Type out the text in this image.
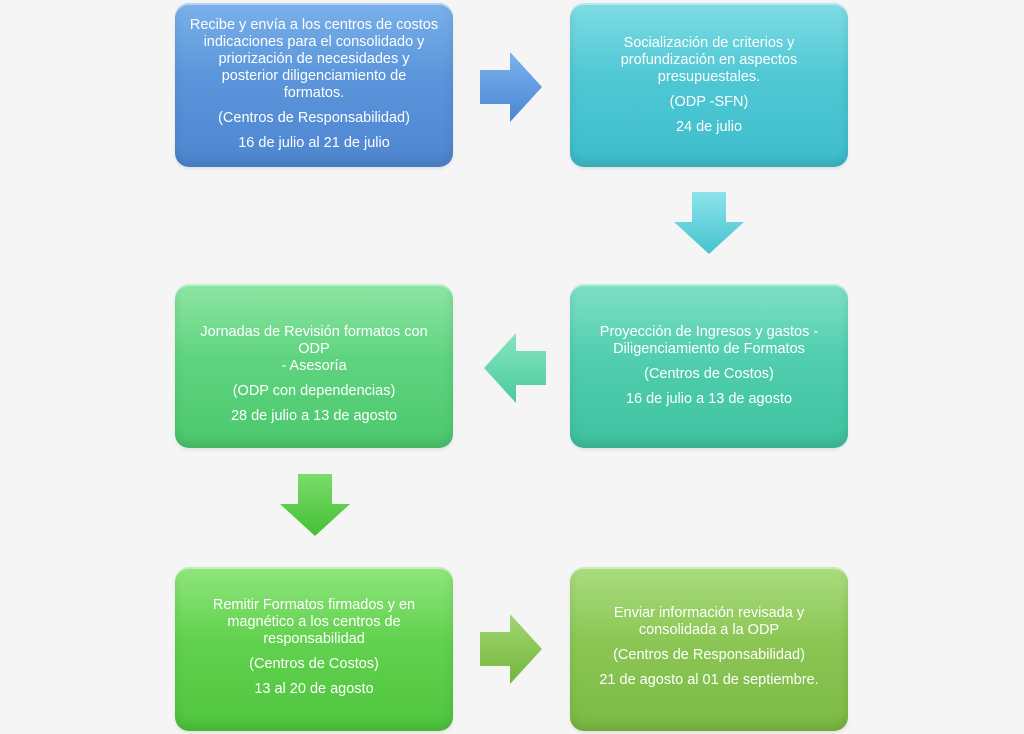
Recibe y envía a los centros de costos
indicaciones para el consolidado y
priorización de necesidades y
posterior diligenciamiento de
formatos.
(Centros de Responsabilidad)
16 de julio al 21 de julio
Socialización de criterios y
profundización en aspectos
presupuestales.
(ODP -SFN)
24 de julio
Proyección de Ingresos y gastos -
Diligenciamiento de Formatos
(Centros de Costos)
16 de julio a 13 de agosto
Jornadas de Revisión formatos con ODP
- Asesoría
(ODP con dependencias)
28 de julio a 13 de agosto
Remitir Formatos firmados y en
magnético a los centros de
responsabilidad
(Centros de Costos)
13 al 20 de agosto
Enviar información revisada y
consolidada a la ODP
(Centros de Responsabilidad)
21 de agosto al 01 de septiembre.
